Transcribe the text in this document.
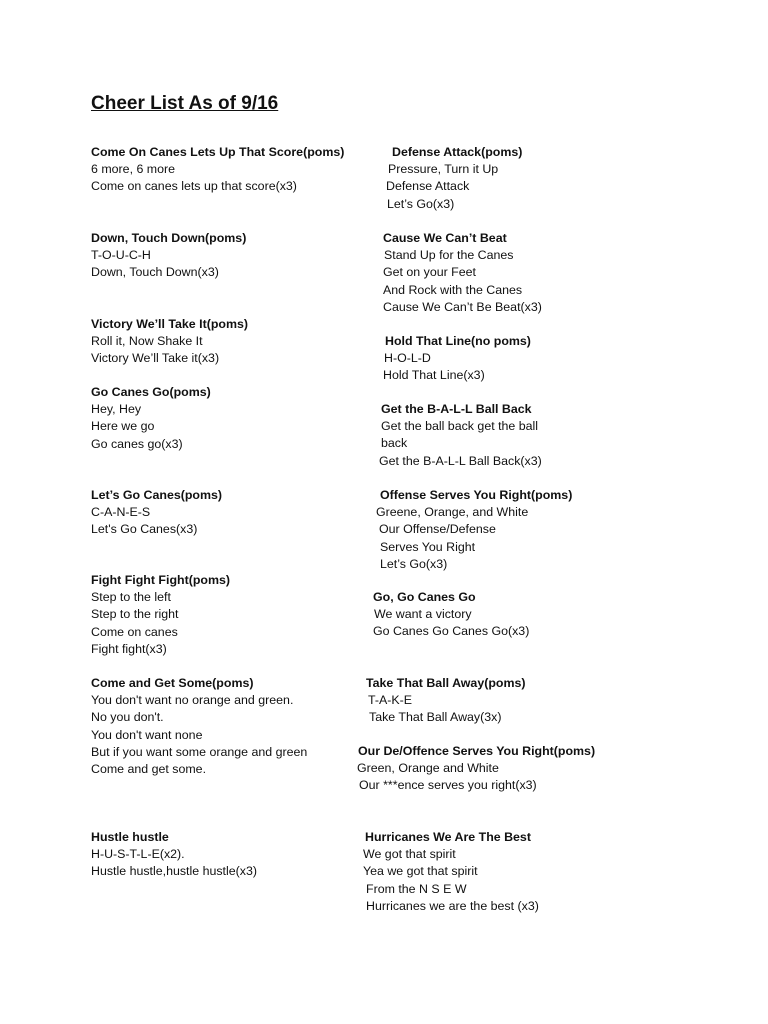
Cheer List As of 9/16
Come On Canes Lets Up That Score(poms)
6 more, 6 more
Come on canes lets up that score(x3)
Down, Touch Down(poms)
T-O-U-C-H
Down, Touch Down(x3)
Victory We’ll Take It(poms)
Roll it, Now Shake It
Victory We’ll Take it(x3)
Go Canes Go(poms)
Hey, Hey
Here we go
Go canes go(x3)
Let’s Go Canes(poms)
C-A-N-E-S
Let's Go Canes(x3)
Fight Fight Fight(poms)
Step to the left
Step to the right
Come on canes
Fight fight(x3)
Come and Get Some(poms)
You don't want no orange and green.
No you don't.
You don't want none
But if you want some orange and green
Come and get some.
Hustle hustle
H-U-S-T-L-E(x2).
Hustle hustle,hustle hustle(x3)
Defense Attack(poms)
Pressure, Turn it Up
Defense Attack
Let’s Go(x3)
Cause We Can’t Beat
Stand Up for the Canes
Get on your Feet
And Rock with the Canes
Cause We Can’t Be Beat(x3)
Hold That Line(no poms)
H-O-L-D
Hold That Line(x3)
Get the B-A-L-L Ball Back
Get the ball back get the ball
back
Get the B-A-L-L Ball Back(x3)
Offense Serves You Right(poms)
Greene, Orange, and White
Our Offense/Defense
Serves You Right
Let’s Go(x3)
Go, Go Canes Go
We want a victory
Go Canes Go Canes Go(x3)
Take That Ball Away(poms)
T-A-K-E
Take That Ball Away(3x)
Our De/Offence Serves You Right(poms)
Green, Orange and White
Our ***ence serves you right(x3)
Hurricanes We Are The Best
We got that spirit
Yea we got that spirit
From the N S E W
Hurricanes we are the best (x3)
